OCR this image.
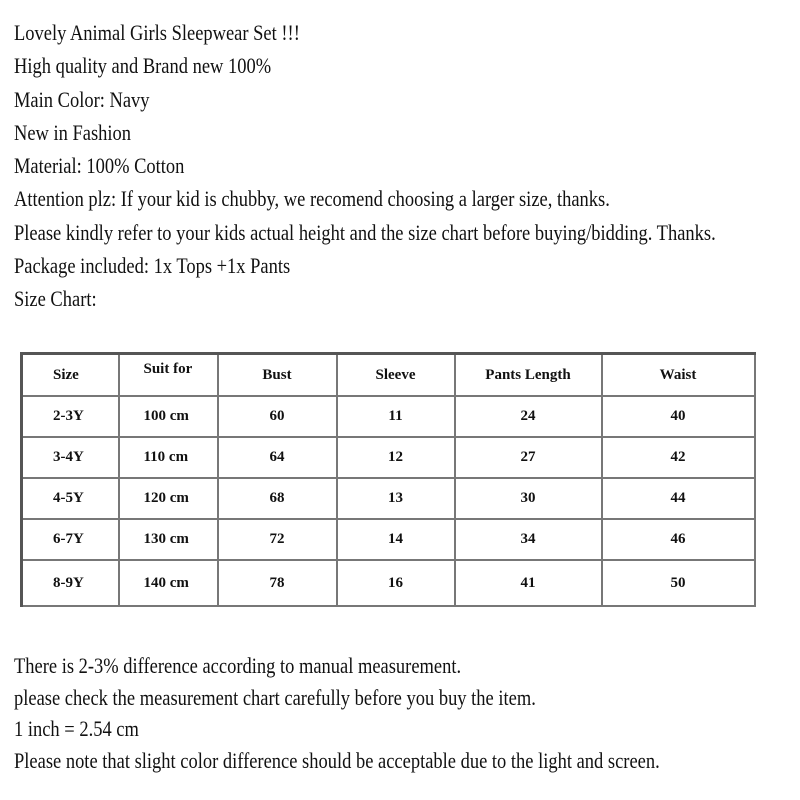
Lovely Animal Girls Sleepwear Set !!!
High quality and Brand new 100%
Main Color: Navy
New in Fashion
Material: 100% Cotton
Attention plz: If your kid is chubby, we recomend choosing a larger size, thanks.
Please kindly refer to your kids actual height and the size chart before buying/bidding. Thanks.
Package included: 1x Tops +1x Pants
Size Chart:
Size	Suit for	Bust	Sleeve	Pants Length	Waist
2-3Y	100 cm	60	11	24	40
3-4Y	110 cm	64	12	27	42
4-5Y	120 cm	68	13	30	44
6-7Y	130 cm	72	14	34	46
8-9Y	140 cm	78	16	41	50
There is 2-3% difference according to manual measurement.
please check the measurement chart carefully before you buy the item.
1 inch = 2.54 cm
Please note that slight color difference should be acceptable due to the light and screen.
